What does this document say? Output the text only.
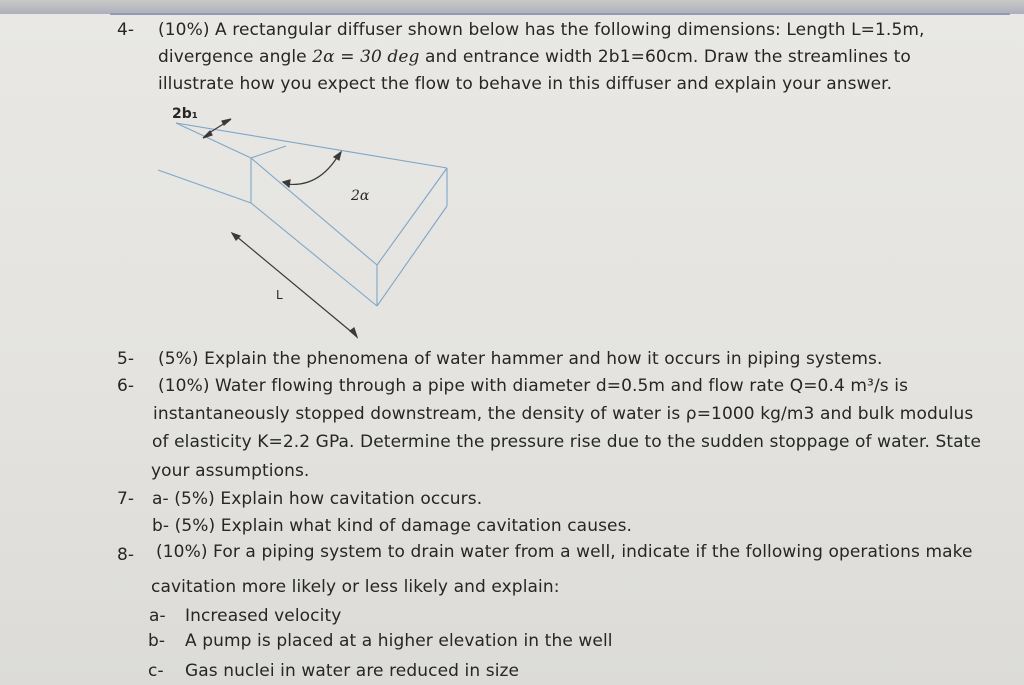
4- (10%) A rectangular diffuser shown below has the following dimensions: Length L=1.5m,
divergence angle 2α = 30 deg and entrance width 2b1=60cm. Draw the streamlines to
illustrate how you expect the flow to behave in this diffuser and explain your answer.
2b₁
2α
L
5- (5%) Explain the phenomena of water hammer and how it occurs in piping systems.
6- (10%) Water flowing through a pipe with diameter d=0.5m and flow rate Q=0.4 m³/s is
instantaneously stopped downstream, the density of water is ρ=1000 kg/m3 and bulk modulus
of elasticity K=2.2 GPa. Determine the pressure rise due to the sudden stoppage of water. State
your assumptions.
7- a- (5%) Explain how cavitation occurs.
b- (5%) Explain what kind of damage cavitation causes.
8- (10%) For a piping system to drain water from a well, indicate if the following operations make
cavitation more likely or less likely and explain:
a- Increased velocity
b- A pump is placed at a higher elevation in the well
c- Gas nuclei in water are reduced in size
